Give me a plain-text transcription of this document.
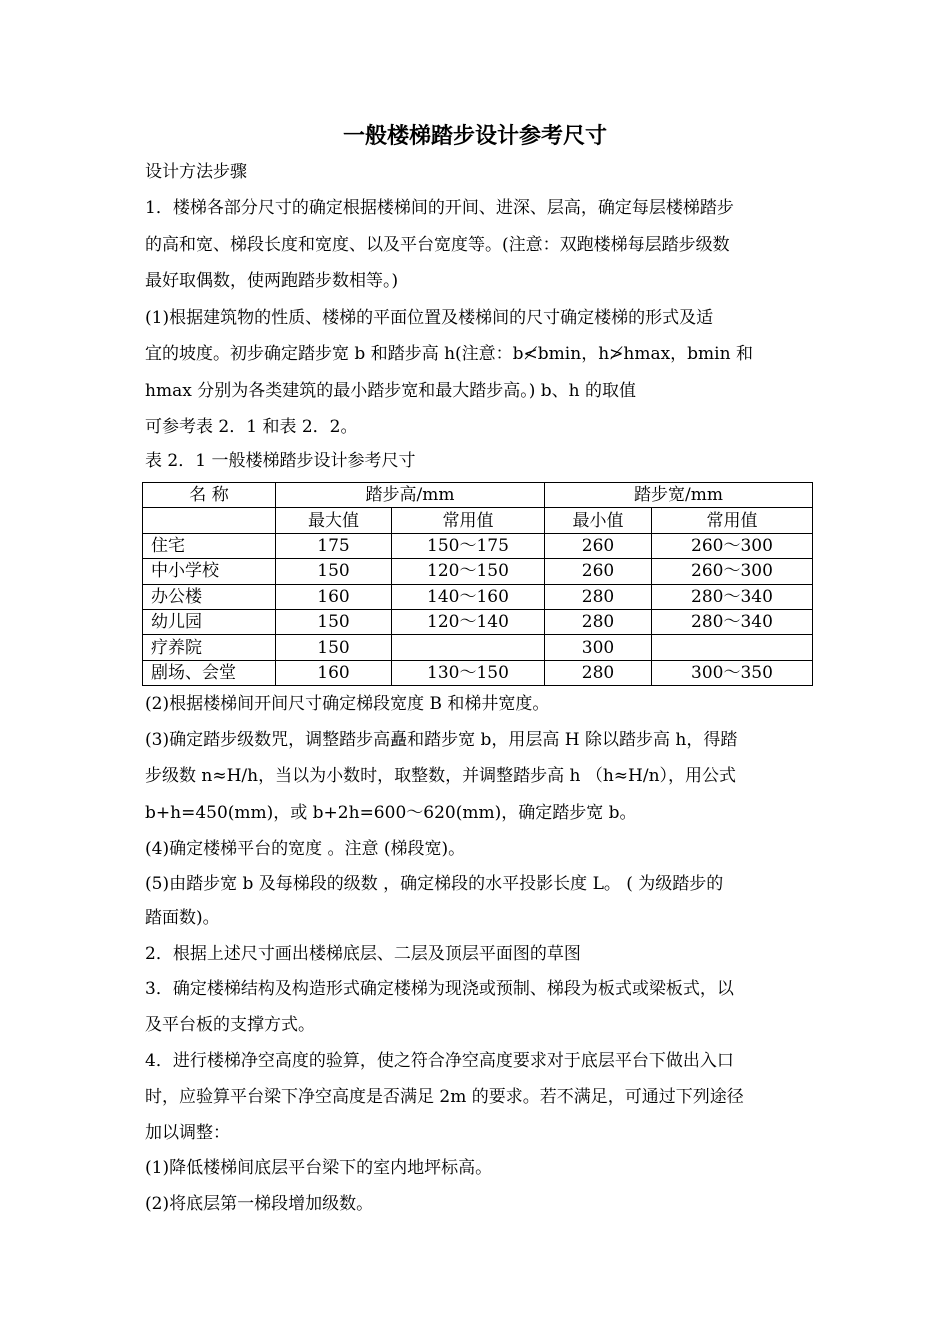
一般楼梯踏步设计参考尺寸
设计方法步骤
1．楼梯各部分尺寸的确定根据楼梯间的开间、进深、层高，确定每层楼梯踏步
的高和宽、梯段长度和宽度、以及平台宽度等。(注意：双跑楼梯每层踏步级数
最好取偶数，使两跑踏步数相等。)
(1)根据建筑物的性质、楼梯的平面位置及楼梯间的尺寸确定楼梯的形式及适
宜的坡度。初步确定踏步宽 b 和踏步高 h(注意：b≮bmin，h≯hmax，bmin 和
hmax 分别为各类建筑的最小踏步宽和最大踏步高。) b、h 的取值
可参考表 2．1 和表 2．2。
表 2．1 一般楼梯踏步设计参考尺寸
名 称	踏步高/mm		踏步宽/mm	
	最大值	常用值	最小值	常用值
住宅	175	150～175	260	260～300
中小学校	150	120～150	260	260～300
办公楼	160	140～160	280	280～340
幼儿园	150	120～140	280	280～340
疗养院	150		300	
剧场、会堂	160	130～150	280	300～350
(2)根据楼梯间开间尺寸确定梯段宽度 B 和梯井宽度。
(3)确定踏步级数咒，调整踏步高矗和踏步宽 b，用层高 H 除以踏步高 h，得踏
步级数 n≈H/h，当以为小数时，取整数，并调整踏步高 h （h≈H/n），用公式
b+h=450(mm)，或 b+2h=600～620(mm)，确定踏步宽 b。
(4)确定楼梯平台的宽度 。注意 (梯段宽)。
(5)由踏步宽 b 及每梯段的级数 ，确定梯段的水平投影长度 L。 ( 为级踏步的
踏面数)。
2．根据上述尺寸画出楼梯底层、二层及顶层平面图的草图
3．确定楼梯结构及构造形式确定楼梯为现浇或预制、梯段为板式或梁板式，以
及平台板的支撑方式。
4．进行楼梯净空高度的验算，使之符合净空高度要求对于底层平台下做出入口
时，应验算平台梁下净空高度是否满足 2m 的要求。若不满足，可通过下列途径
加以调整：
(1)降低楼梯间底层平台梁下的室内地坪标高。
(2)将底层第一梯段增加级数。
